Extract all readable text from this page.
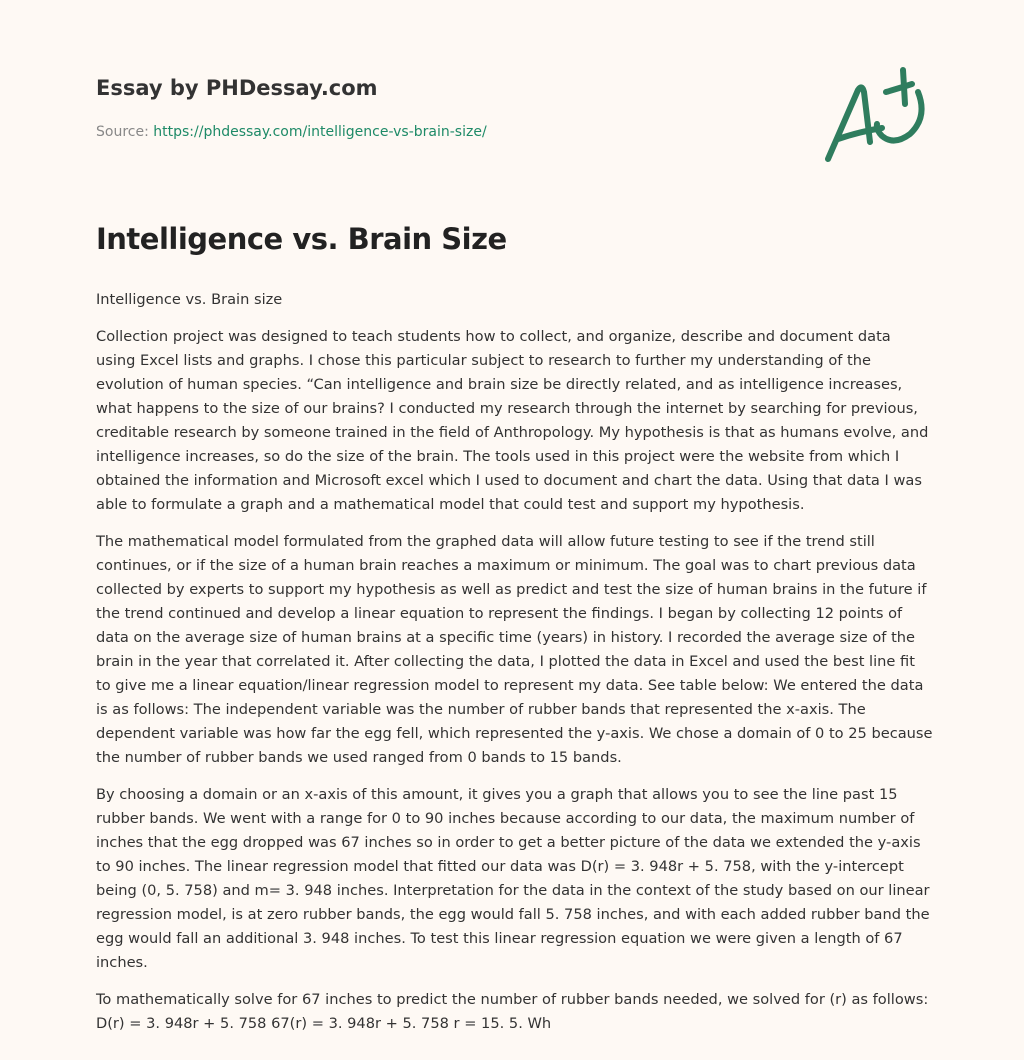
Essay by PHDessay.com
Source: https://phdessay.com/intelligence-vs-brain-size/
Intelligence vs. Brain Size

Intelligence vs. Brain size

Collection project was designed to teach students how to collect, and organize, describe and document data using Excel lists and graphs. I chose this particular subject to research to further my understanding of the evolution of human species. “Can intelligence and brain size be directly related, and as intelligence increases, what happens to the size of our brains? I conducted my research through the internet by searching for previous, creditable research by someone trained in the field of Anthropology. My hypothesis is that as humans evolve, and intelligence increases, so do the size of the brain. The tools used in this project were the website from which I obtained the information and Microsoft excel which I used to document and chart the data. Using that data I was able to formulate a graph and a mathematical model that could test and support my hypothesis.

The mathematical model formulated from the graphed data will allow future testing to see if the trend still continues, or if the size of a human brain reaches a maximum or minimum. The goal was to chart previous data collected by experts to support my hypothesis as well as predict and test the size of human brains in the future if the trend continued and develop a linear equation to represent the findings. I began by collecting 12 points of data on the average size of human brains at a specific time (years) in history. I recorded the average size of the brain in the year that correlated it. After collecting the data, I plotted the data in Excel and used the best line fit to give me a linear equation/linear regression model to represent my data. See table below: We entered the data is as follows: The independent variable was the number of rubber bands that represented the x-axis. The dependent variable was how far the egg fell, which represented the y-axis. We chose a domain of 0 to 25 because the number of rubber bands we used ranged from 0 bands to 15 bands.

By choosing a domain or an x-axis of this amount, it gives you a graph that allows you to see the line past 15 rubber bands. We went with a range for 0 to 90 inches because according to our data, the maximum number of inches that the egg dropped was 67 inches so in order to get a better picture of the data we extended the y-axis to 90 inches. The linear regression model that fitted our data was D(r) = 3. 948r + 5. 758, with the y-intercept being (0, 5. 758) and m= 3. 948 inches. Interpretation for the data in the context of the study based on our linear regression model, is at zero rubber bands, the egg would fall 5. 758 inches, and with each added rubber band the egg would fall an additional 3. 948 inches. To test this linear regression equation we were given a length of 67 inches.

To mathematically solve for 67 inches to predict the number of rubber bands needed, we solved for (r) as follows: D(r) = 3. 948r + 5. 758 67(r) = 3. 948r + 5. 758 r = 15. 5. Wh
